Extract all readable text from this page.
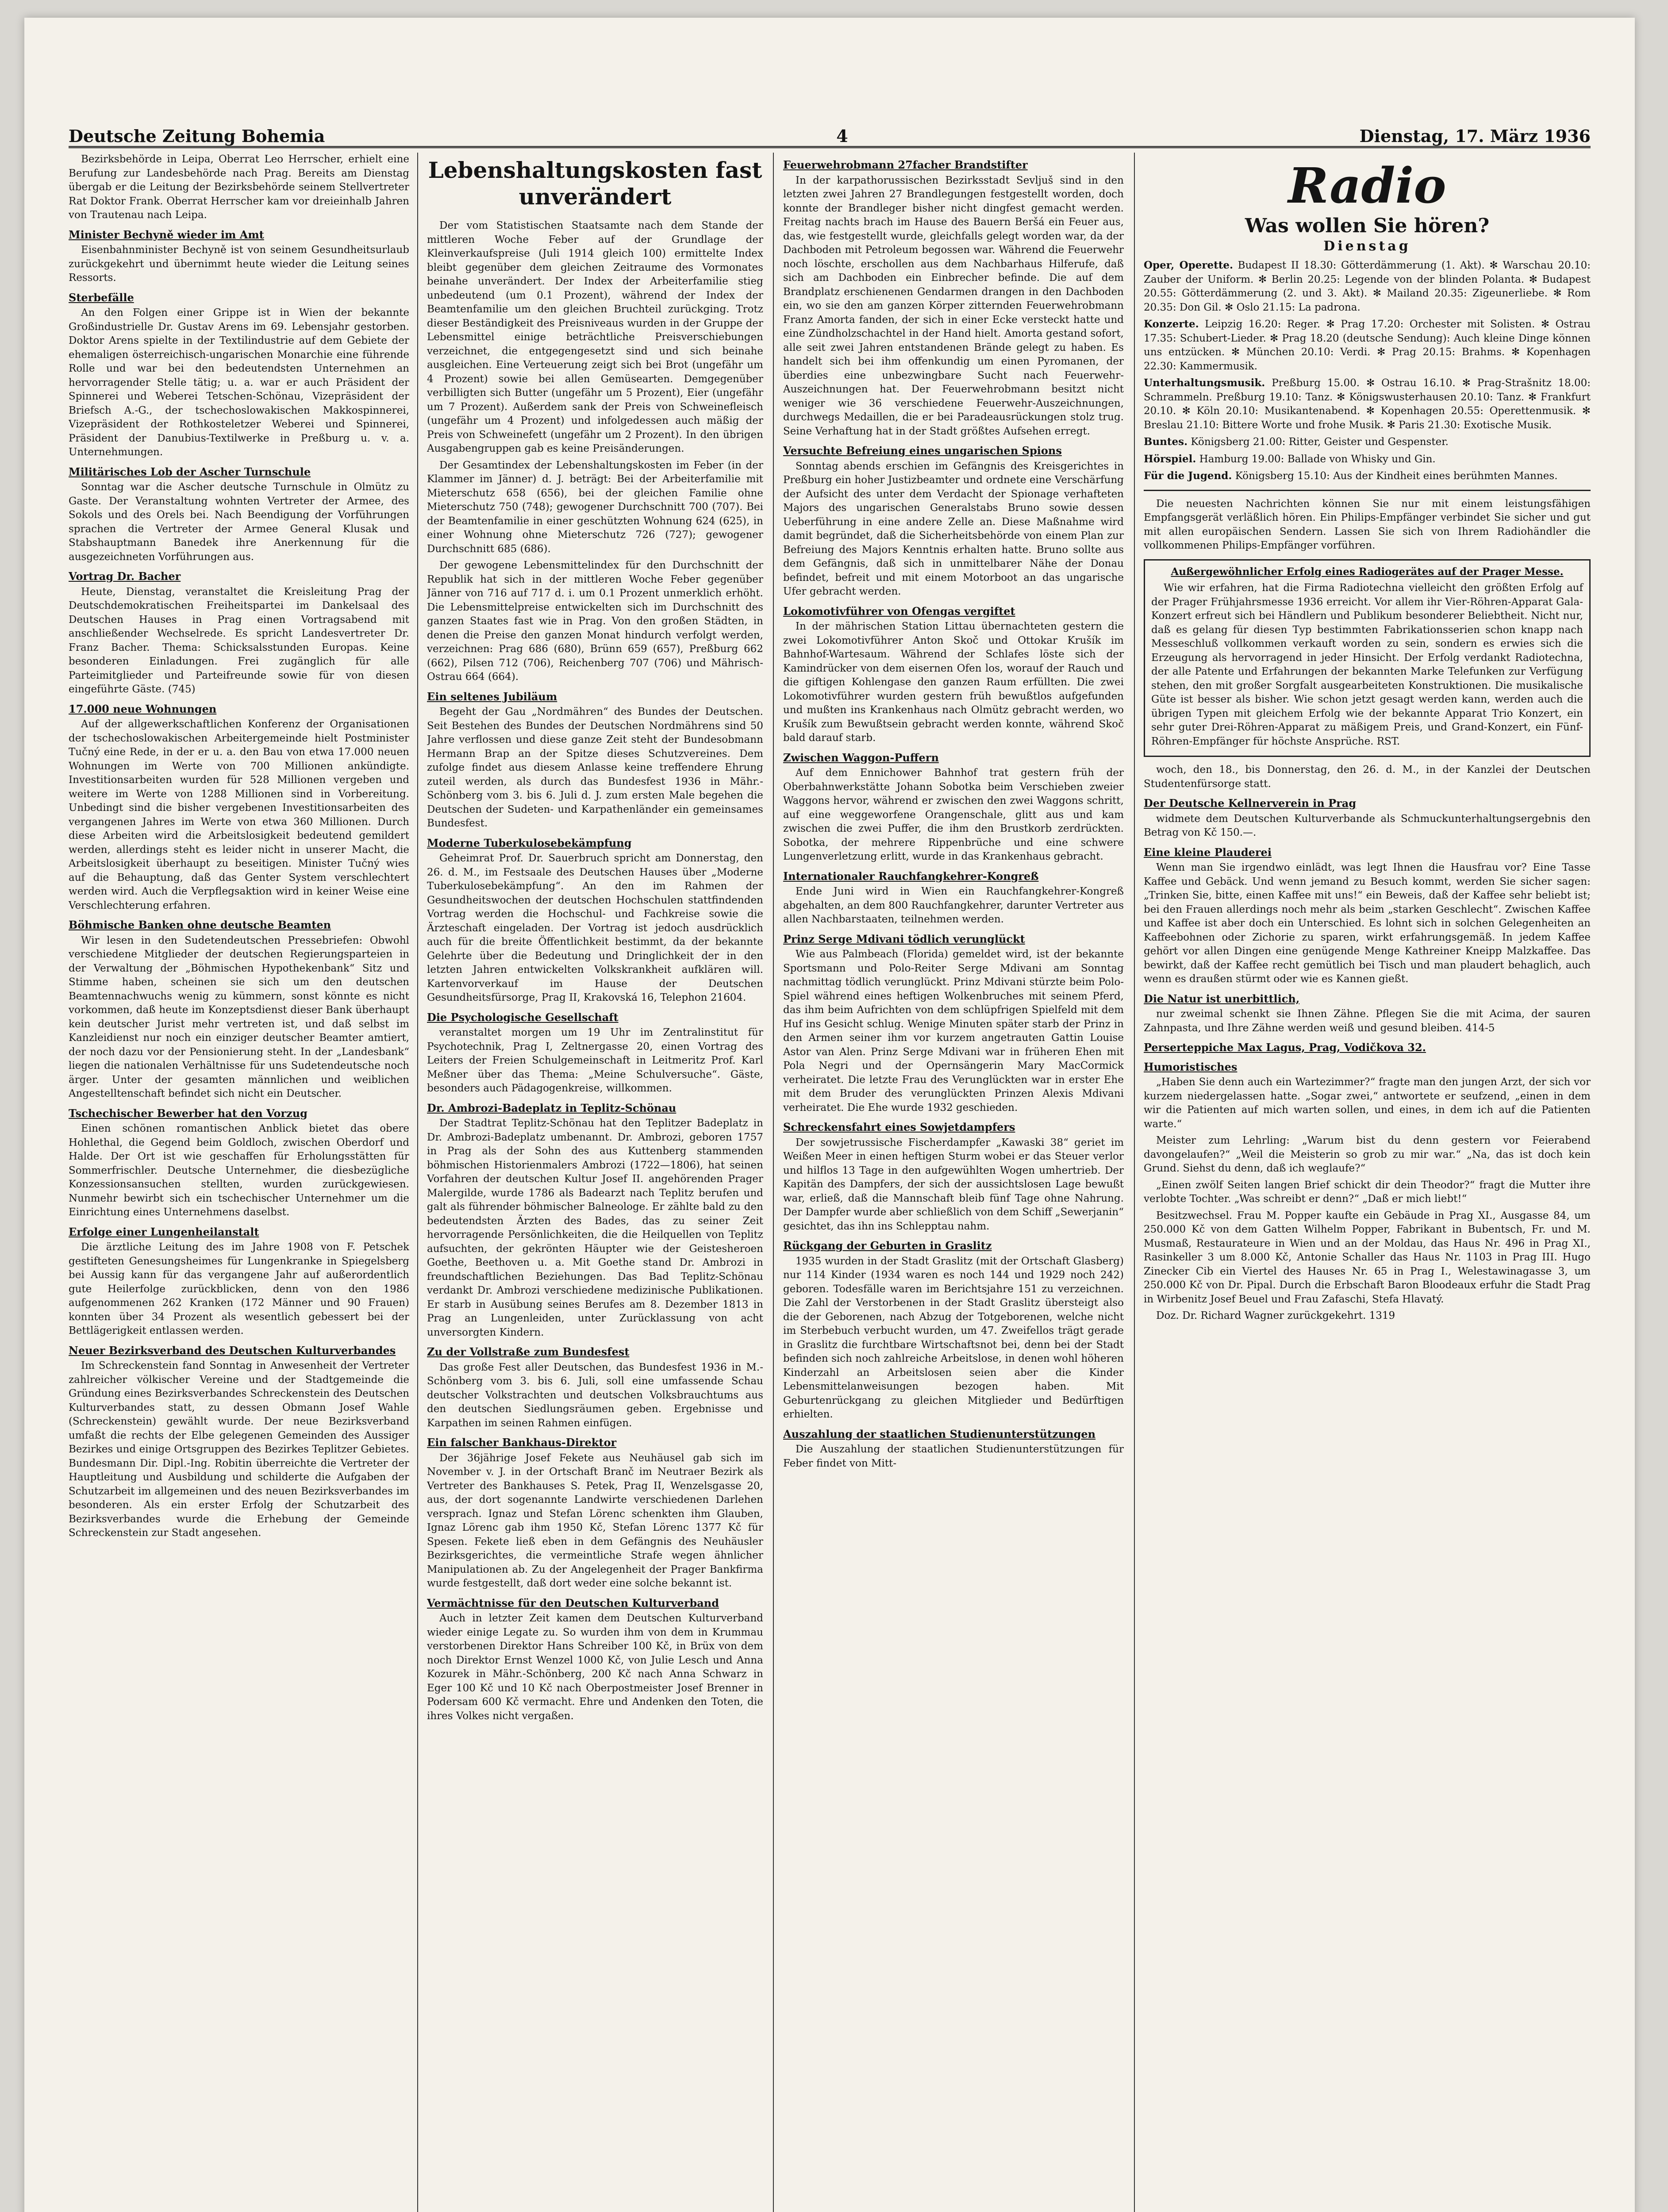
Deutsche Zeitung Bohemia	4	Dienstag, 17. März 1936

Bezirksbehörde in Leipa, Oberrat Leo Herrscher, erhielt eine Berufung zur Landesbehörde nach Prag. Bereits am Dienstag übergab er die Leitung der Bezirksbehörde seinem Stellvertreter Rat Doktor Frank. Oberrat Herrscher kam vor dreieinhalb Jahren von Trautenau nach Leipa.

Minister Bechyně wieder im Amt

Eisenbahnminister Bechyně ist von seinem Gesundheitsurlaub zurückgekehrt und übernimmt heute wieder die Leitung seines Ressorts.

Sterbefälle

An den Folgen einer Grippe ist in Wien der bekannte Großindustrielle Dr. Gustav Arens im 69. Lebensjahr gestorben. Doktor Arens spielte in der Textilindustrie auf dem Gebiete der ehemaligen österreichisch-ungarischen Monarchie eine führende Rolle und war bei den bedeutendsten Unternehmen an hervorragender Stelle tätig; u. a. war er auch Präsident der Spinnerei und Weberei Tetschen-Schönau, Vizepräsident der Briefsch A.-G., der tschechoslowakischen Makkospinnerei, Vizepräsident der Rothkosteletzer Weberei und Spinnerei, Präsident der Danubius-Textilwerke in Preßburg u. v. a. Unternehmungen.

Militärisches Lob der Ascher Turnschule

Sonntag war die Ascher deutsche Turnschule in Olmütz zu Gaste. Der Veranstaltung wohnten Vertreter der Armee, des Sokols und des Orels bei. Nach Beendigung der Vorführungen sprachen die Vertreter der Armee General Klusak und Stabshauptmann Banedek ihre Anerkennung für die ausgezeichneten Vorführungen aus.

Vortrag Dr. Bacher

Heute, Dienstag, veranstaltet die Kreisleitung Prag der Deutschdemokratischen Freiheitspartei im Dankelsaal des Deutschen Hauses in Prag einen Vortragsabend mit anschließender Wechselrede. Es spricht Landesvertreter Dr. Franz Bacher. Thema: Schicksalsstunden Europas. Keine besonderen Einladungen. Frei zugänglich für alle Parteimitglieder und Parteifreunde sowie für von diesen eingeführte Gäste. (745)

17.000 neue Wohnungen

Auf der allgewerkschaftlichen Konferenz der Organisationen der tschechoslowakischen Arbeitergemeinde hielt Postminister Tučný eine Rede, in der er u. a. den Bau von etwa 17.000 neuen Wohnungen im Werte von 700 Millionen ankündigte. Investitionsarbeiten wurden für 528 Millionen vergeben und weitere im Werte von 1288 Millionen sind in Vorbereitung. Unbedingt sind die bisher vergebenen Investitionsarbeiten des vergangenen Jahres im Werte von etwa 360 Millionen. Durch diese Arbeiten wird die Arbeitslosigkeit bedeutend gemildert werden, allerdings steht es leider nicht in unserer Macht, die Arbeitslosigkeit überhaupt zu beseitigen. Minister Tučný wies auf die Behauptung, daß das Genter System verschlechtert werden wird. Auch die Verpflegsaktion wird in keiner Weise eine Verschlechterung erfahren.

Böhmische Banken ohne deutsche Beamten

Wir lesen in den Sudetendeutschen Pressebriefen: Obwohl verschiedene Mitglieder der deutschen Regierungsparteien in der Verwaltung der „Böhmischen Hypothekenbank“ Sitz und Stimme haben, scheinen sie sich um den deutschen Beamtennachwuchs wenig zu kümmern, sonst könnte es nicht vorkommen, daß heute im Konzeptsdienst dieser Bank überhaupt kein deutscher Jurist mehr vertreten ist, und daß selbst im Kanzleidienst nur noch ein einziger deutscher Beamter amtiert, der noch dazu vor der Pensionierung steht. In der „Landesbank“ liegen die nationalen Verhältnisse für uns Sudetendeutsche noch ärger. Unter der gesamten männlichen und weiblichen Angestelltenschaft befindet sich nicht ein Deutscher.

Tschechischer Bewerber hat den Vorzug

Einen schönen romantischen Anblick bietet das obere Hohlethal, die Gegend beim Goldloch, zwischen Oberdorf und Halde. Der Ort ist wie geschaffen für Erholungsstätten für Sommerfrischler. Deutsche Unternehmer, die diesbezügliche Konzessionsansuchen stellten, wurden zurückgewiesen. Nunmehr bewirbt sich ein tschechischer Unternehmer um die Einrichtung eines Unternehmens daselbst.

Erfolge einer Lungenheilanstalt

Die ärztliche Leitung des im Jahre 1908 von F. Petschek gestifteten Genesungsheimes für Lungenkranke in Spiegelsberg bei Aussig kann für das vergangene Jahr auf außerordentlich gute Heilerfolge zurückblicken, denn von den 1986 aufgenommenen 262 Kranken (172 Männer und 90 Frauen) konnten über 34 Prozent als wesentlich gebessert bei der Bettlägerigkeit entlassen werden.

Neuer Bezirksverband des Deutschen Kulturverbandes

Im Schreckenstein fand Sonntag in Anwesenheit der Vertreter zahlreicher völkischer Vereine und der Stadtgemeinde die Gründung eines Bezirksverbandes Schreckenstein des Deutschen Kulturverbandes statt, zu dessen Obmann Josef Wahle (Schreckenstein) gewählt wurde. Der neue Bezirksverband umfaßt die rechts der Elbe gelegenen Gemeinden des Aussiger Bezirkes und einige Ortsgruppen des Bezirkes Teplitzer Gebietes. Bundesmann Dir. Dipl.-Ing. Robitin überreichte die Vertreter der Hauptleitung und Ausbildung und schilderte die Aufgaben der Schutzarbeit im allgemeinen und des neuen Bezirksverbandes im besonderen. Als ein erster Erfolg der Schutzarbeit des Bezirksverbandes wurde die Erhebung der Gemeinde Schreckenstein zur Stadt angesehen.

Lebenshaltungskosten fast unverändert

Der vom Statistischen Staatsamte nach dem Stande der mittleren Woche Feber auf der Grundlage der Kleinverkaufspreise (Juli 1914 gleich 100) ermittelte Index bleibt gegenüber dem gleichen Zeitraume des Vormonates beinahe unverändert. Der Index der Arbeiterfamilie stieg unbedeutend (um 0.1 Prozent), während der Index der Beamtenfamilie um den gleichen Bruchteil zurückging. Trotz dieser Beständigkeit des Preisniveaus wurden in der Gruppe der Lebensmittel einige beträchtliche Preisverschiebungen verzeichnet, die entgegengesetzt sind und sich beinahe ausgleichen. Eine Verteuerung zeigt sich bei Brot (ungefähr um 4 Prozent) sowie bei allen Gemüsearten. Demgegenüber verbilligten sich Butter (ungefähr um 5 Prozent), Eier (ungefähr um 7 Prozent). Außerdem sank der Preis von Schweinefleisch (ungefähr um 4 Prozent) und infolgedessen auch mäßig der Preis von Schweinefett (ungefähr um 2 Prozent). In den übrigen Ausgabengruppen gab es keine Preisänderungen.

Der Gesamtindex der Lebenshaltungskosten im Feber (in der Klammer im Jänner) d. J. beträgt: Bei der Arbeiterfamilie mit Mieterschutz 658 (656), bei der gleichen Familie ohne Mieterschutz 750 (748); gewogener Durchschnitt 700 (707). Bei der Beamtenfamilie in einer geschützten Wohnung 624 (625), in einer Wohnung ohne Mieterschutz 726 (727); gewogener Durchschnitt 685 (686).

Der gewogene Lebensmittelindex für den Durchschnitt der Republik hat sich in der mittleren Woche Feber gegenüber Jänner von 716 auf 717 d. i. um 0.1 Prozent unmerklich erhöht. Die Lebensmittelpreise entwickelten sich im Durchschnitt des ganzen Staates fast wie in Prag. Von den großen Städten, in denen die Preise den ganzen Monat hindurch verfolgt werden, verzeichnen: Prag 686 (680), Brünn 659 (657), Preßburg 662 (662), Pilsen 712 (706), Reichenberg 707 (706) und Mährisch-Ostrau 664 (664).

Ein seltenes Jubiläum

Begeht der Gau „Nordmähren“ des Bundes der Deutschen. Seit Bestehen des Bundes der Deutschen Nordmährens sind 50 Jahre verflossen und diese ganze Zeit steht der Bundesobmann Hermann Brap an der Spitze dieses Schutzvereines. Dem zufolge findet aus diesem Anlasse keine treffendere Ehrung zuteil werden, als durch das Bundesfest 1936 in Mähr.-Schönberg vom 3. bis 6. Juli d. J. zum ersten Male begehen die Deutschen der Sudeten- und Karpathenländer ein gemeinsames Bundesfest.

Moderne Tuberkulosebekämpfung

Geheimrat Prof. Dr. Sauerbruch spricht am Donnerstag, den 26. d. M., im Festsaale des Deutschen Hauses über „Moderne Tuberkulosebekämpfung“. An den im Rahmen der Gesundheitswochen der deutschen Hochschulen stattfindenden Vortrag werden die Hochschul- und Fachkreise sowie die Ärzteschaft eingeladen. Der Vortrag ist jedoch ausdrücklich auch für die breite Öffentlichkeit bestimmt, da der bekannte Gelehrte über die Bedeutung und Dringlichkeit der in den letzten Jahren entwickelten Volkskrankheit aufklären will. Kartenvorverkauf im Hause der Deutschen Gesundheitsfürsorge, Prag II, Krakovská 16, Telephon 21604.

Die Psychologische Gesellschaft

veranstaltet morgen um 19 Uhr im Zentralinstitut für Psychotechnik, Prag I, Zeltnergasse 20, einen Vortrag des Leiters der Freien Schulgemeinschaft in Leitmeritz Prof. Karl Meßner über das Thema: „Meine Schulversuche“. Gäste, besonders auch Pädagogenkreise, willkommen.

Dr. Ambrozi-Badeplatz in Teplitz-Schönau

Der Stadtrat Teplitz-Schönau hat den Teplitzer Badeplatz in Dr. Ambrozi-Badeplatz umbenannt. Dr. Ambrozi, geboren 1757 in Prag als der Sohn des aus Kuttenberg stammenden böhmischen Historienmalers Ambrozi (1722—1806), hat seinen Vorfahren der deutschen Kultur Josef II. angehörenden Prager Malergilde, wurde 1786 als Badearzt nach Teplitz berufen und galt als führender böhmischer Balneologe. Er zählte bald zu den bedeutendsten Ärzten des Bades, das zu seiner Zeit hervorragende Persönlichkeiten, die die Heilquellen von Teplitz aufsuchten, der gekrönten Häupter wie der Geistesheroen Goethe, Beethoven u. a. Mit Goethe stand Dr. Ambrozi in freundschaftlichen Beziehungen. Das Bad Teplitz-Schönau verdankt Dr. Ambrozi verschiedene medizinische Publikationen. Er starb in Ausübung seines Berufes am 8. Dezember 1813 in Prag an Lungenleiden, unter Zurücklassung von acht unversorgten Kindern.

Zu der Vollstraße zum Bundesfest

Das große Fest aller Deutschen, das Bundesfest 1936 in M.-Schönberg vom 3. bis 6. Juli, soll eine umfassende Schau deutscher Volkstrachten und deutschen Volksbrauchtums aus den deutschen Siedlungsräumen geben. Ergebnisse und Karpathen im seinen Rahmen einfügen.

Ein falscher Bankhaus-Direktor

Der 36jährige Josef Fekete aus Neuhäusel gab sich im November v. J. in der Ortschaft Branč im Neutraer Bezirk als Vertreter des Bankhauses S. Petek, Prag II, Wenzelsgasse 20, aus, der dort sogenannte Landwirte verschiedenen Darlehen versprach. Ignaz und Stefan Lörenc schenkten ihm Glauben, Ignaz Lörenc gab ihm 1950 Kč, Stefan Lörenc 1377 Kč für Spesen. Fekete ließ eben in dem Gefängnis des Neuhäusler Bezirksgerichtes, die vermeintliche Strafe wegen ähnlicher Manipulationen ab. Zu der Angelegenheit der Prager Bankfirma wurde festgestellt, daß dort weder eine solche bekannt ist.

Vermächtnisse für den Deutschen Kulturverband

Auch in letzter Zeit kamen dem Deutschen Kulturverband wieder einige Legate zu. So wurden ihm von dem in Krummau verstorbenen Direktor Hans Schreiber 100 Kč, in Brüx von dem noch Direktor Ernst Wenzel 1000 Kč, von Julie Lesch und Anna Kozurek in Mähr.-Schönberg, 200 Kč nach Anna Schwarz in Eger 100 Kč und 10 Kč nach Oberpostmeister Josef Brenner in Podersam 600 Kč vermacht. Ehre und Andenken den Toten, die ihres Volkes nicht vergaßen.

Feuerwehrobmann 27facher Brandstifter

In der karpathorussischen Bezirksstadt Sevljuš sind in den letzten zwei Jahren 27 Brandlegungen festgestellt worden, doch konnte der Brandleger bisher nicht dingfest gemacht werden. Freitag nachts brach im Hause des Bauern Beršá ein Feuer aus, das, wie festgestellt wurde, gleichfalls gelegt worden war, da der Dachboden mit Petroleum begossen war. Während die Feuerwehr noch löschte, erschollen aus dem Nachbarhaus Hilferufe, daß sich am Dachboden ein Einbrecher befinde. Die auf dem Brandplatz erschienenen Gendarmen drangen in den Dachboden ein, wo sie den am ganzen Körper zitternden Feuerwehrobmann Franz Amorta fanden, der sich in einer Ecke versteckt hatte und eine Zündholzschachtel in der Hand hielt. Amorta gestand sofort, alle seit zwei Jahren entstandenen Brände gelegt zu haben. Es handelt sich bei ihm offenkundig um einen Pyromanen, der überdies eine unbezwingbare Sucht nach Feuerwehr-Auszeichnungen hat. Der Feuerwehrobmann besitzt nicht weniger wie 36 verschiedene Feuerwehr-Auszeichnungen, durchwegs Medaillen, die er bei Paradeausrückungen stolz trug. Seine Verhaftung hat in der Stadt größtes Aufsehen erregt.

Versuchte Befreiung eines ungarischen Spions

Sonntag abends erschien im Gefängnis des Kreisgerichtes in Preßburg ein hoher Justizbeamter und ordnete eine Verschärfung der Aufsicht des unter dem Verdacht der Spionage verhafteten Majors des ungarischen Generalstabs Bruno sowie dessen Ueberführung in eine andere Zelle an. Diese Maßnahme wird damit begründet, daß die Sicherheitsbehörde von einem Plan zur Befreiung des Majors Kenntnis erhalten hatte. Bruno sollte aus dem Gefängnis, daß sich in unmittelbarer Nähe der Donau befindet, befreit und mit einem Motorboot an das ungarische Ufer gebracht werden.

Lokomotivführer von Ofengas vergiftet

In der mährischen Station Littau übernachteten gestern die zwei Lokomotivführer Anton Skoč und Ottokar Krušík im Bahnhof-Wartesaum. Während der Schlafes löste sich der Kamindrücker von dem eisernen Ofen los, worauf der Rauch und die giftigen Kohlengase den ganzen Raum erfüllten. Die zwei Lokomotivführer wurden gestern früh bewußtlos aufgefunden und mußten ins Krankenhaus nach Olmütz gebracht werden, wo Krušík zum Bewußtsein gebracht werden konnte, während Skoč bald darauf starb.

Zwischen Waggon-Puffern

Auf dem Ennichower Bahnhof trat gestern früh der Oberbahnwerkstätte Johann Sobotka beim Verschieben zweier Waggons hervor, während er zwischen den zwei Waggons schritt, auf eine weggeworfene Orangenschale, glitt aus und kam zwischen die zwei Puffer, die ihm den Brustkorb zerdrückten. Sobotka, der mehrere Rippenbrüche und eine schwere Lungenverletzung erlitt, wurde in das Krankenhaus gebracht.

Internationaler Rauchfangkehrer-Kongreß

Ende Juni wird in Wien ein Rauchfangkehrer-Kongreß abgehalten, an dem 800 Rauchfangkehrer, darunter Vertreter aus allen Nachbarstaaten, teilnehmen werden.

Prinz Serge Mdivani tödlich verunglückt

Wie aus Palmbeach (Florida) gemeldet wird, ist der bekannte Sportsmann und Polo-Reiter Serge Mdivani am Sonntag nachmittag tödlich verunglückt. Prinz Mdivani stürzte beim Polo-Spiel während eines heftigen Wolkenbruches mit seinem Pferd, das ihm beim Aufrichten von dem schlüpfrigen Spielfeld mit dem Huf ins Gesicht schlug. Wenige Minuten später starb der Prinz in den Armen seiner ihm vor kurzem angetrauten Gattin Louise Astor van Alen. Prinz Serge Mdivani war in früheren Ehen mit Pola Negri und der Opernsängerin Mary MacCormick verheiratet. Die letzte Frau des Verunglückten war in erster Ehe mit dem Bruder des verunglückten Prinzen Alexis Mdivani verheiratet. Die Ehe wurde 1932 geschieden.

Schreckensfahrt eines Sowjetdampfers

Der sowjetrussische Fischerdampfer „Kawaski 38“ geriet im Weißen Meer in einen heftigen Sturm wobei er das Steuer verlor und hilflos 13 Tage in den aufgewühlten Wogen umhertrieb. Der Kapitän des Dampfers, der sich der aussichtslosen Lage bewußt war, erließ, daß die Mannschaft bleib fünf Tage ohne Nahrung. Der Dampfer wurde aber schließlich von dem Schiff „Sewerjanin“ gesichtet, das ihn ins Schlepptau nahm.

Rückgang der Geburten in Graslitz

1935 wurden in der Stadt Graslitz (mit der Ortschaft Glasberg) nur 114 Kinder (1934 waren es noch 144 und 1929 noch 242) geboren. Todesfälle waren im Berichtsjahre 151 zu verzeichnen. Die Zahl der Verstorbenen in der Stadt Graslitz übersteigt also die der Geborenen, nach Abzug der Totgeborenen, welche nicht im Sterbebuch verbucht wurden, um 47. Zweifellos trägt gerade in Graslitz die furchtbare Wirtschaftsnot bei, denn bei der Stadt befinden sich noch zahlreiche Arbeitslose, in denen wohl höheren Kinderzahl an Arbeitslosen seien aber die Kinder Lebensmittelanweisungen bezogen haben. Mit Geburtenrückgang zu gleichen Mitglieder und Bedürftigen erhielten.

Auszahlung der staatlichen Studienunterstützungen

Die Auszahlung der staatlichen Studienunterstützungen für Feber findet von Mitt-

Radio
Was wollen Sie hören?
Dienstag

Oper, Operette. Budapest II 18.30: Götterdämmerung (1. Akt). ✻ Warschau 20.10: Zauber der Uniform. ✻ Berlin 20.25: Legende von der blinden Polanta. ✻ Budapest 20.55: Götterdämmerung (2. und 3. Akt). ✻ Mailand 20.35: Zigeunerliebe. ✻ Rom 20.35: Don Gil. ✻ Oslo 21.15: La padrona.

Konzerte. Leipzig 16.20: Reger. ✻ Prag 17.20: Orchester mit Solisten. ✻ Ostrau 17.35: Schubert-Lieder. ✻ Prag 18.20 (deutsche Sendung): Auch kleine Dinge können uns entzücken. ✻ München 20.10: Verdi. ✻ Prag 20.15: Brahms. ✻ Kopenhagen 22.30: Kammermusik.

Unterhaltungsmusik. Preßburg 15.00. ✻ Ostrau 16.10. ✻ Prag-Strašnitz 18.00: Schrammeln. Preßburg 19.10: Tanz. ✻ Königswusterhausen 20.10: Tanz. ✻ Frankfurt 20.10. ✻ Köln 20.10: Musikantenabend. ✻ Kopenhagen 20.55: Operettenmusik. ✻ Breslau 21.10: Bittere Worte und frohe Musik. ✻ Paris 21.30: Exotische Musik.

Buntes. Königsberg 21.00: Ritter, Geister und Gespenster.

Hörspiel. Hamburg 19.00: Ballade von Whisky und Gin.

Für die Jugend. Königsberg 15.10: Aus der Kindheit eines berühmten Mannes.

Die neuesten Nachrichten können Sie nur mit einem leistungsfähigen Empfangsgerät verläßlich hören. Ein Philips-Empfänger verbindet Sie sicher und gut mit allen europäischen Sendern. Lassen Sie sich von Ihrem Radiohändler die vollkommenen Philips-Empfänger vorführen.

Außergewöhnlicher Erfolg eines Radiogerätes auf der Prager Messe.

Wie wir erfahren, hat die Firma Radiotechna vielleicht den größten Erfolg auf der Prager Frühjahrsmesse 1936 erreicht. Vor allem ihr Vier-Röhren-Apparat Gala-Konzert erfreut sich bei Händlern und Publikum besonderer Beliebtheit. Nicht nur, daß es gelang für diesen Typ bestimmten Fabrikationsserien schon knapp nach Messeschluß vollkommen verkauft worden zu sein, sondern es erwies sich die Erzeugung als hervorragend in jeder Hinsicht. Der Erfolg verdankt Radiotechna, der alle Patente und Erfahrungen der bekannten Marke Telefunken zur Verfügung stehen, den mit großer Sorgfalt ausgearbeiteten Konstruktionen. Die musikalische Güte ist besser als bisher. Wie schon jetzt gesagt werden kann, werden auch die übrigen Typen mit gleichem Erfolg wie der bekannte Apparat Trio Konzert, ein sehr guter Drei-Röhren-Apparat zu mäßigem Preis, und Grand-Konzert, ein Fünf-Röhren-Empfänger für höchste Ansprüche. RST.

woch, den 18., bis Donnerstag, den 26. d. M., in der Kanzlei der Deutschen Studentenfürsorge statt.

Der Deutsche Kellnerverein in Prag

widmete dem Deutschen Kulturverbande als Schmuckunterhaltungsergebnis den Betrag von Kč 150.—.

Eine kleine Plauderei

Wenn man Sie irgendwo einlädt, was legt Ihnen die Hausfrau vor? Eine Tasse Kaffee und Gebäck. Und wenn jemand zu Besuch kommt, werden Sie sicher sagen: „Trinken Sie, bitte, einen Kaffee mit uns!“ ein Beweis, daß der Kaffee sehr beliebt ist; bei den Frauen allerdings noch mehr als beim „starken Geschlecht“. Zwischen Kaffee und Kaffee ist aber doch ein Unterschied. Es lohnt sich in solchen Gelegenheiten an Kaffeebohnen oder Zichorie zu sparen, wirkt erfahrungsgemäß. In jedem Kaffee gehört vor allen Dingen eine genügende Menge Kathreiner Kneipp Malzkaffee. Das bewirkt, daß der Kaffee recht gemütlich bei Tisch und man plaudert behaglich, auch wenn es draußen stürmt oder wie es Kannen gießt.

Die Natur ist unerbittlich,

nur zweimal schenkt sie Ihnen Zähne. Pflegen Sie die mit Acima, der sauren Zahnpasta, und Ihre Zähne werden weiß und gesund bleiben. 414-5

Perserteppiche Max Lagus, Prag, Vodičkova 32.
Humoristisches

„Haben Sie denn auch ein Wartezimmer?“ fragte man den jungen Arzt, der sich vor kurzem niedergelassen hatte. „Sogar zwei,“ antwortete er seufzend, „einen in dem wir die Patienten auf mich warten sollen, und eines, in dem ich auf die Patienten warte.“

Meister zum Lehrling: „Warum bist du denn gestern vor Feierabend davongelaufen?“ „Weil die Meisterin so grob zu mir war.“ „Na, das ist doch kein Grund. Siehst du denn, daß ich weglaufe?“

„Einen zwölf Seiten langen Brief schickt dir dein Theodor?“ fragt die Mutter ihre verlobte Tochter. „Was schreibt er denn?“ „Daß er mich liebt!“

Besitzwechsel. Frau M. Popper kaufte ein Gebäude in Prag XI., Ausgasse 84, um 250.000 Kč von dem Gatten Wilhelm Popper, Fabrikant in Bubentsch, Fr. und M. Musmaß, Restaurateure in Wien und an der Moldau, das Haus Nr. 496 in Prag XI., Rasinkeller 3 um 8.000 Kč, Antonie Schaller das Haus Nr. 1103 in Prag III. Hugo Zinecker Cib ein Viertel des Hauses Nr. 65 in Prag I., Welestawinagasse 3, um 250.000 Kč von Dr. Pipal. Durch die Erbschaft Baron Bloodeaux erfuhr die Stadt Prag in Wirbenitz Josef Beuel und Frau Zafaschi, Stefa Hlavatý.

Doz. Dr. Richard Wagner zurückgekehrt. 1319
